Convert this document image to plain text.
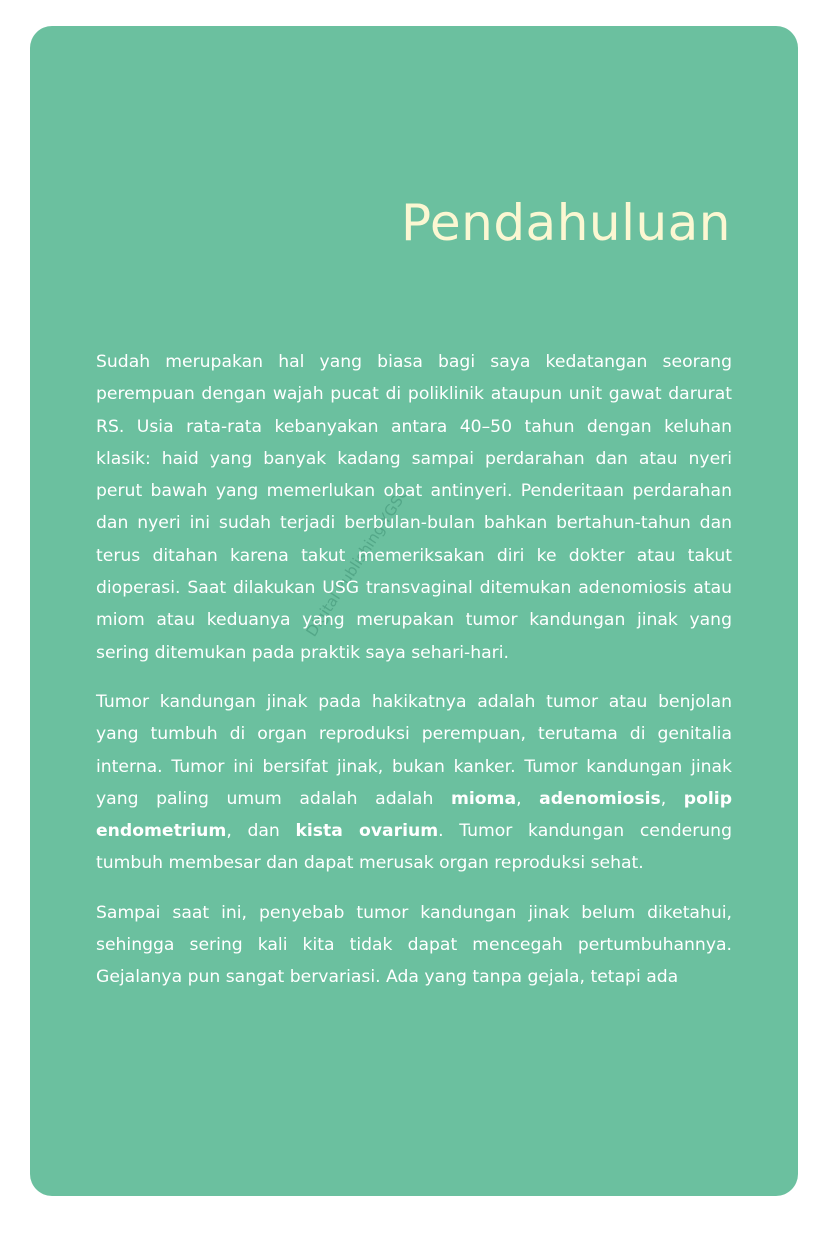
Pendahuluan
Digital Publishing-YGSC

Sudah merupakan hal yang biasa bagi saya kedatangan seorang perempuan dengan wajah pucat di poliklinik ataupun unit gawat darurat RS. Usia rata-rata kebanyakan antara 40–50 tahun dengan keluhan klasik: haid yang banyak kadang sampai perdarahan dan atau nyeri perut bawah yang memerlukan obat antinyeri. Penderitaan perdarahan dan nyeri ini sudah terjadi berbulan-bulan bahkan bertahun-tahun dan terus ditahan karena takut memeriksakan diri ke dokter atau takut dioperasi. Saat dilakukan USG transvaginal ditemukan adenomiosis atau miom atau keduanya yang merupakan tumor kandungan jinak yang sering ditemukan pada praktik saya sehari-hari.

Tumor kandungan jinak pada hakikatnya adalah tumor atau benjolan yang tumbuh di organ reproduksi perempuan, terutama di genitalia interna. Tumor ini bersifat jinak, bukan kanker. Tumor kandungan jinak yang paling umum adalah adalah mioma, adenomiosis, polip endometrium, dan kista ovarium. Tumor kandungan cenderung tumbuh membesar dan dapat merusak organ reproduksi sehat.

Sampai saat ini, penyebab tumor kandungan jinak belum diketahui, sehingga sering kali kita tidak dapat mencegah pertumbuhannya. Gejalanya pun sangat bervariasi. Ada yang tanpa gejala, tetapi ada
